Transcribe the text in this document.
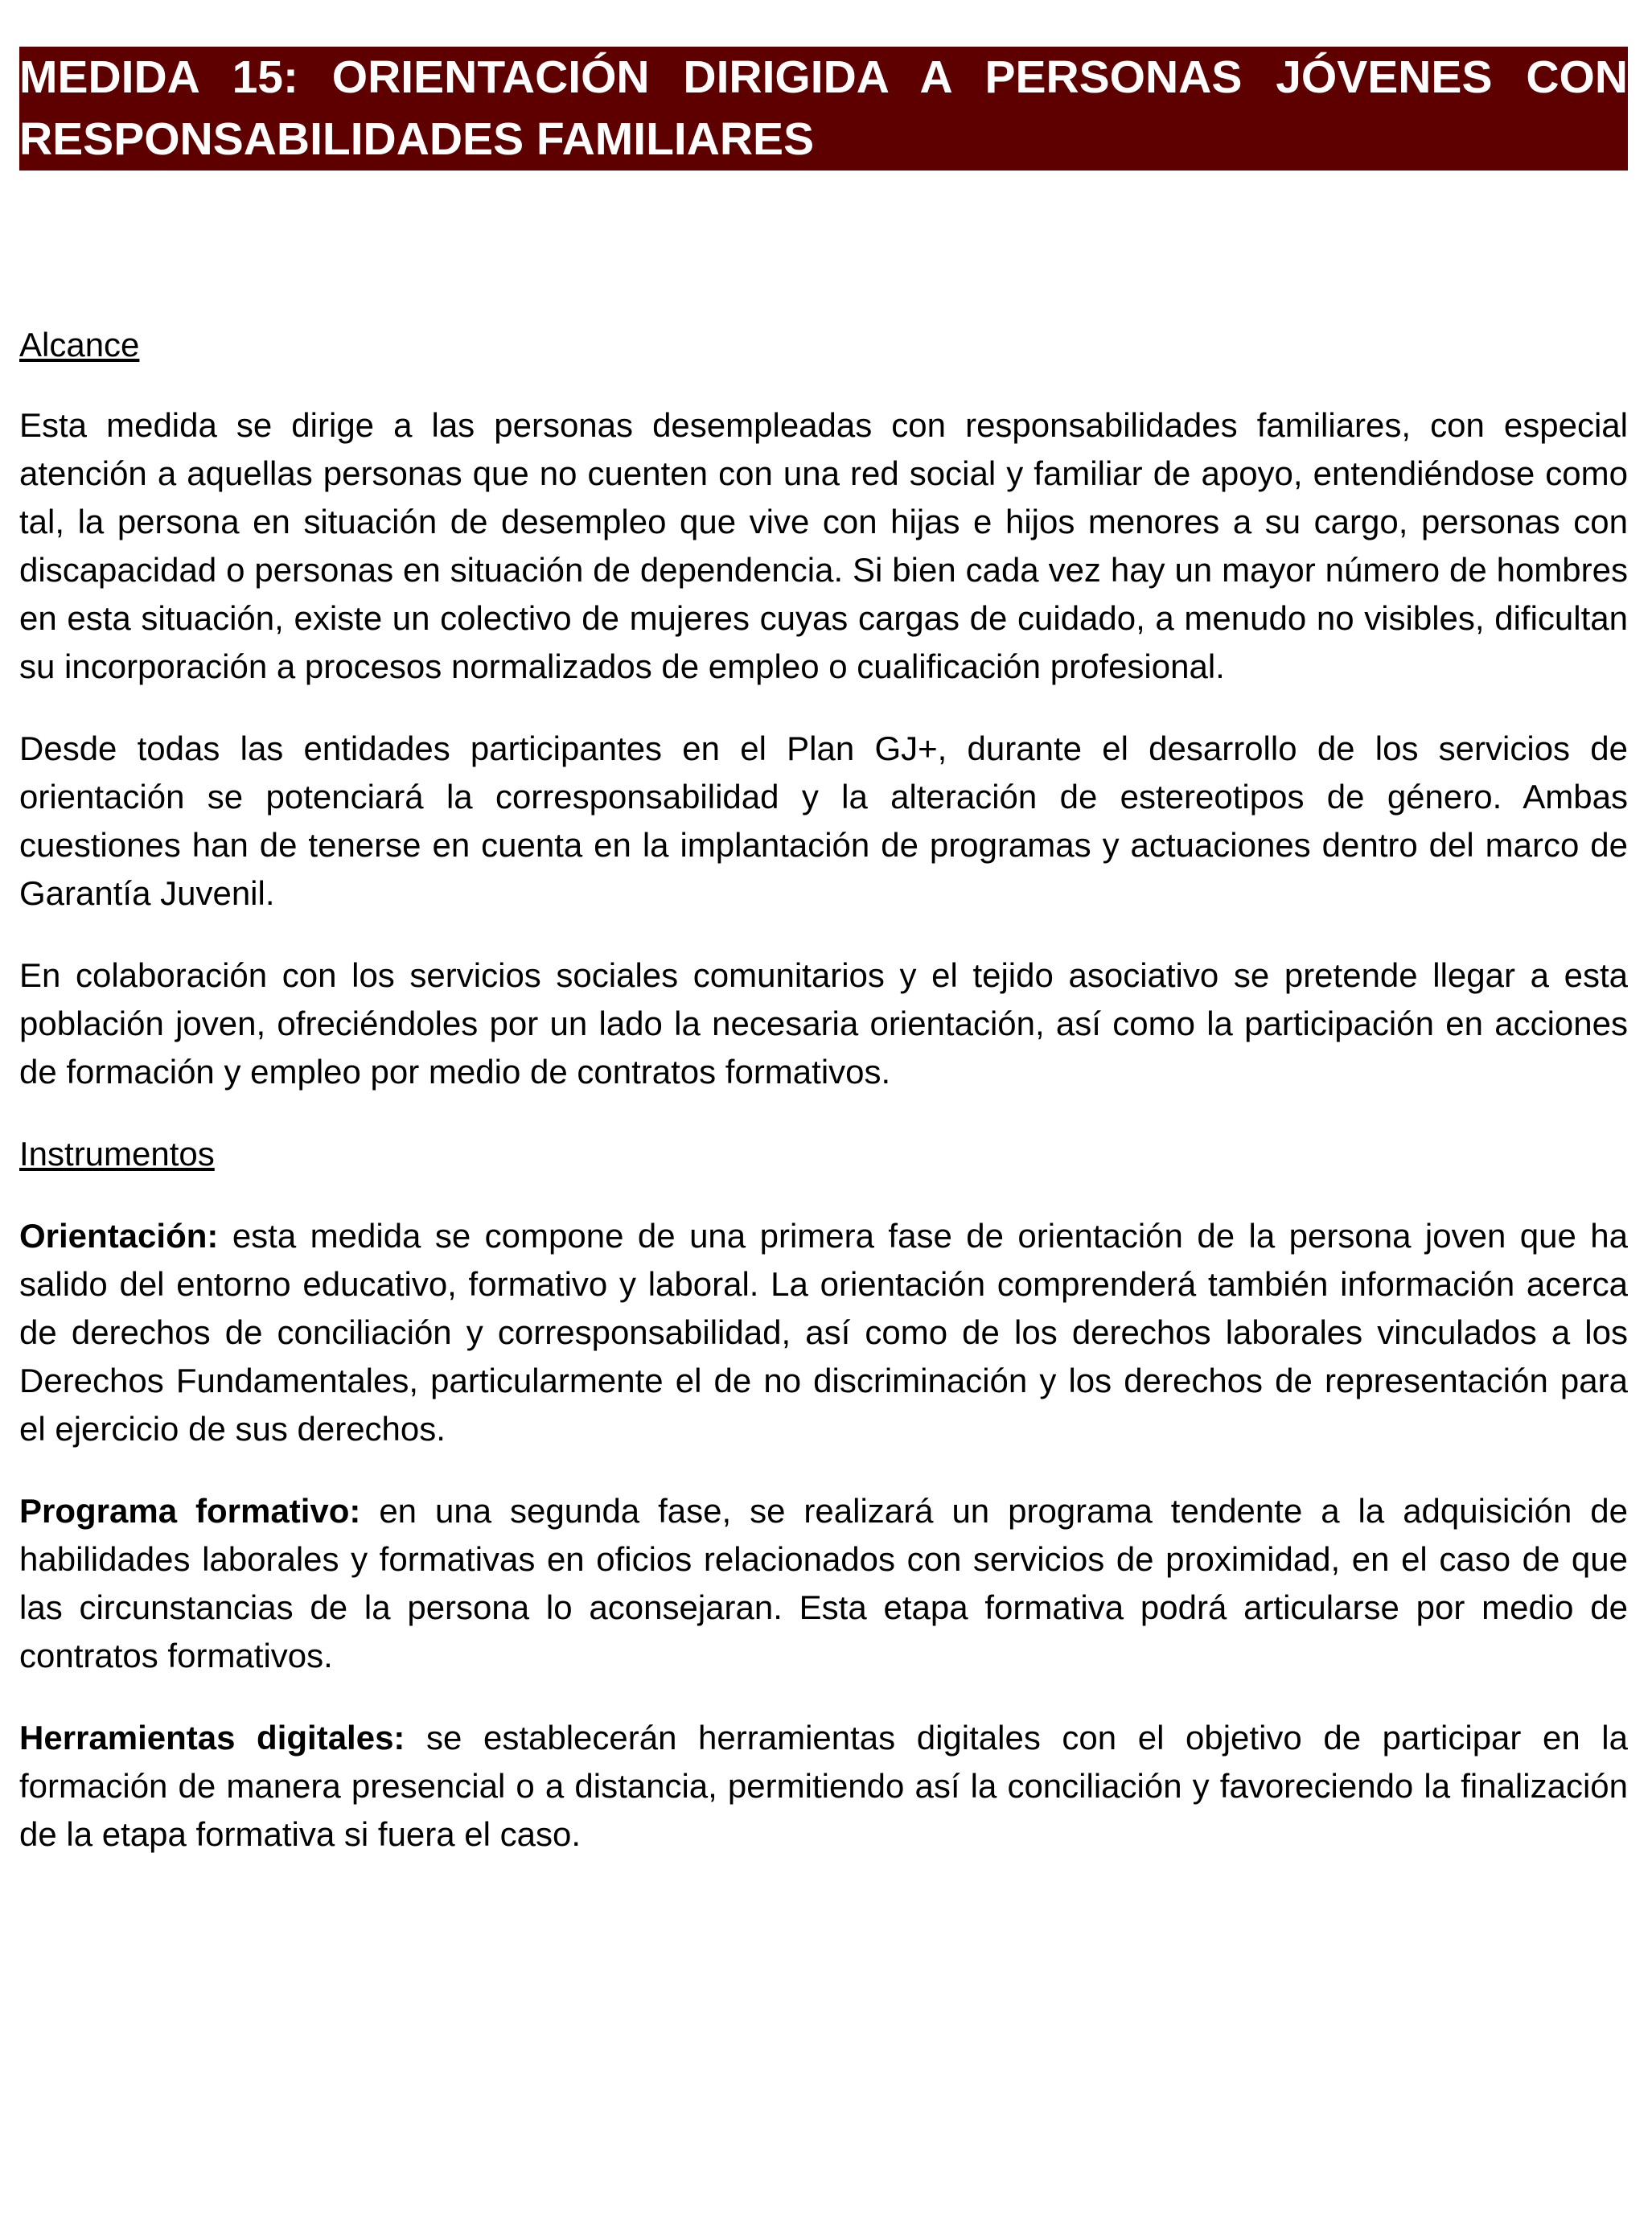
MEDIDA 15: ORIENTACIÓN DIRIGIDA A PERSONAS JÓVENES CON RESPONSABILIDADES FAMILIARES

Alcance

Esta medida se dirige a las personas desempleadas con responsabilidades familiares, con especial atención a aquellas personas que no cuenten con una red social y familiar de apoyo, entendiéndose como tal, la persona en situación de desempleo que vive con hijas e hijos menores a su cargo, personas con discapacidad o personas en situación de dependencia. Si bien cada vez hay un mayor número de hombres en esta situación, existe un colectivo de mujeres cuyas cargas de cuidado, a menudo no visibles, dificultan su incorporación a procesos normalizados de empleo o cualificación profesional.

Desde todas las entidades participantes en el Plan GJ+, durante el desarrollo de los servicios de orientación se potenciará la corresponsabilidad y la alteración de estereotipos de género. Ambas cuestiones han de tenerse en cuenta en la implantación de programas y actuaciones dentro del marco de Garantía Juvenil.

En colaboración con los servicios sociales comunitarios y el tejido asociativo se pretende llegar a esta población joven, ofreciéndoles por un lado la necesaria orientación, así como la participación en acciones de formación y empleo por medio de contratos formativos.

Instrumentos

Orientación: esta medida se compone de una primera fase de orientación de la persona joven que ha salido del entorno educativo, formativo y laboral. La orientación comprenderá también información acerca de derechos de conciliación y corresponsabilidad, así como de los derechos laborales vinculados a los Derechos Fundamentales, particularmente el de no discriminación y los derechos de representación para el ejercicio de sus derechos.

Programa formativo: en una segunda fase, se realizará un programa tendente a la adquisición de habilidades laborales y formativas en oficios relacionados con servicios de proximidad, en el caso de que las circunstancias de la persona lo aconsejaran. Esta etapa formativa podrá articularse por medio de contratos formativos.

Herramientas digitales: se establecerán herramientas digitales con el objetivo de participar en la formación de manera presencial o a distancia, permitiendo así la conciliación y favoreciendo la finalización de la etapa formativa si fuera el caso.
